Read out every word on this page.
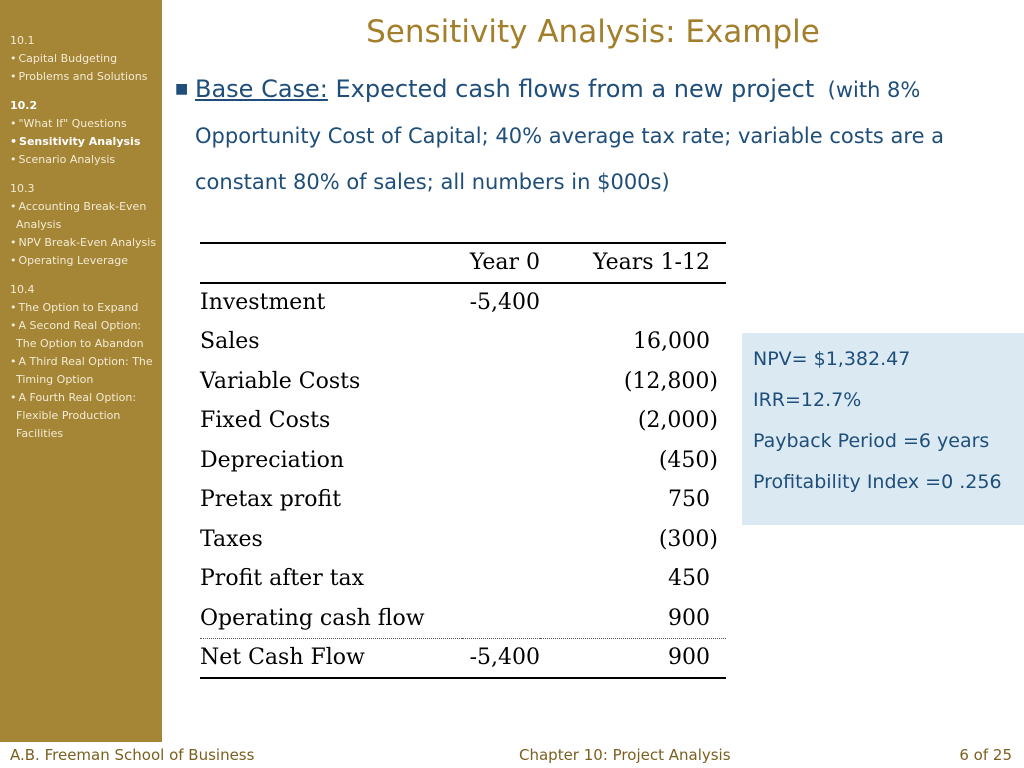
10.1
• Capital Budgeting
• Problems and Solutions
10.2
• "What If" Questions
• Sensitivity Analysis
• Scenario Analysis
10.3
• Accounting Break-Even Analysis
• NPV Break-Even Analysis
• Operating Leverage
10.4
• The Option to Expand
• A Second Real Option: The Option to Abandon
• A Third Real Option: The Timing Option
• A Fourth Real Option: Flexible Production Facilities
Sensitivity Analysis: Example
■ Base Case: Expected cash flows from a new project (with 8% Opportunity Cost of Capital; 40% average tax rate; variable costs are a constant 80% of sales; all numbers in $000s)
	Year 0	Years 1-12
Investment	-5,400	
Sales		16,000
Variable Costs		(12,800)
Fixed Costs		(2,000)
Depreciation		(450)
Pretax profit		750
Taxes		(300)
Profit after tax		450
Operating cash flow		900
Net Cash Flow	-5,400	900
NPV= $1,382.47
IRR=12.7%
Payback Period =6 years
Profitability Index =0 .256
A.B. Freeman School of Business	Chapter 10: Project Analysis	6 of 25
